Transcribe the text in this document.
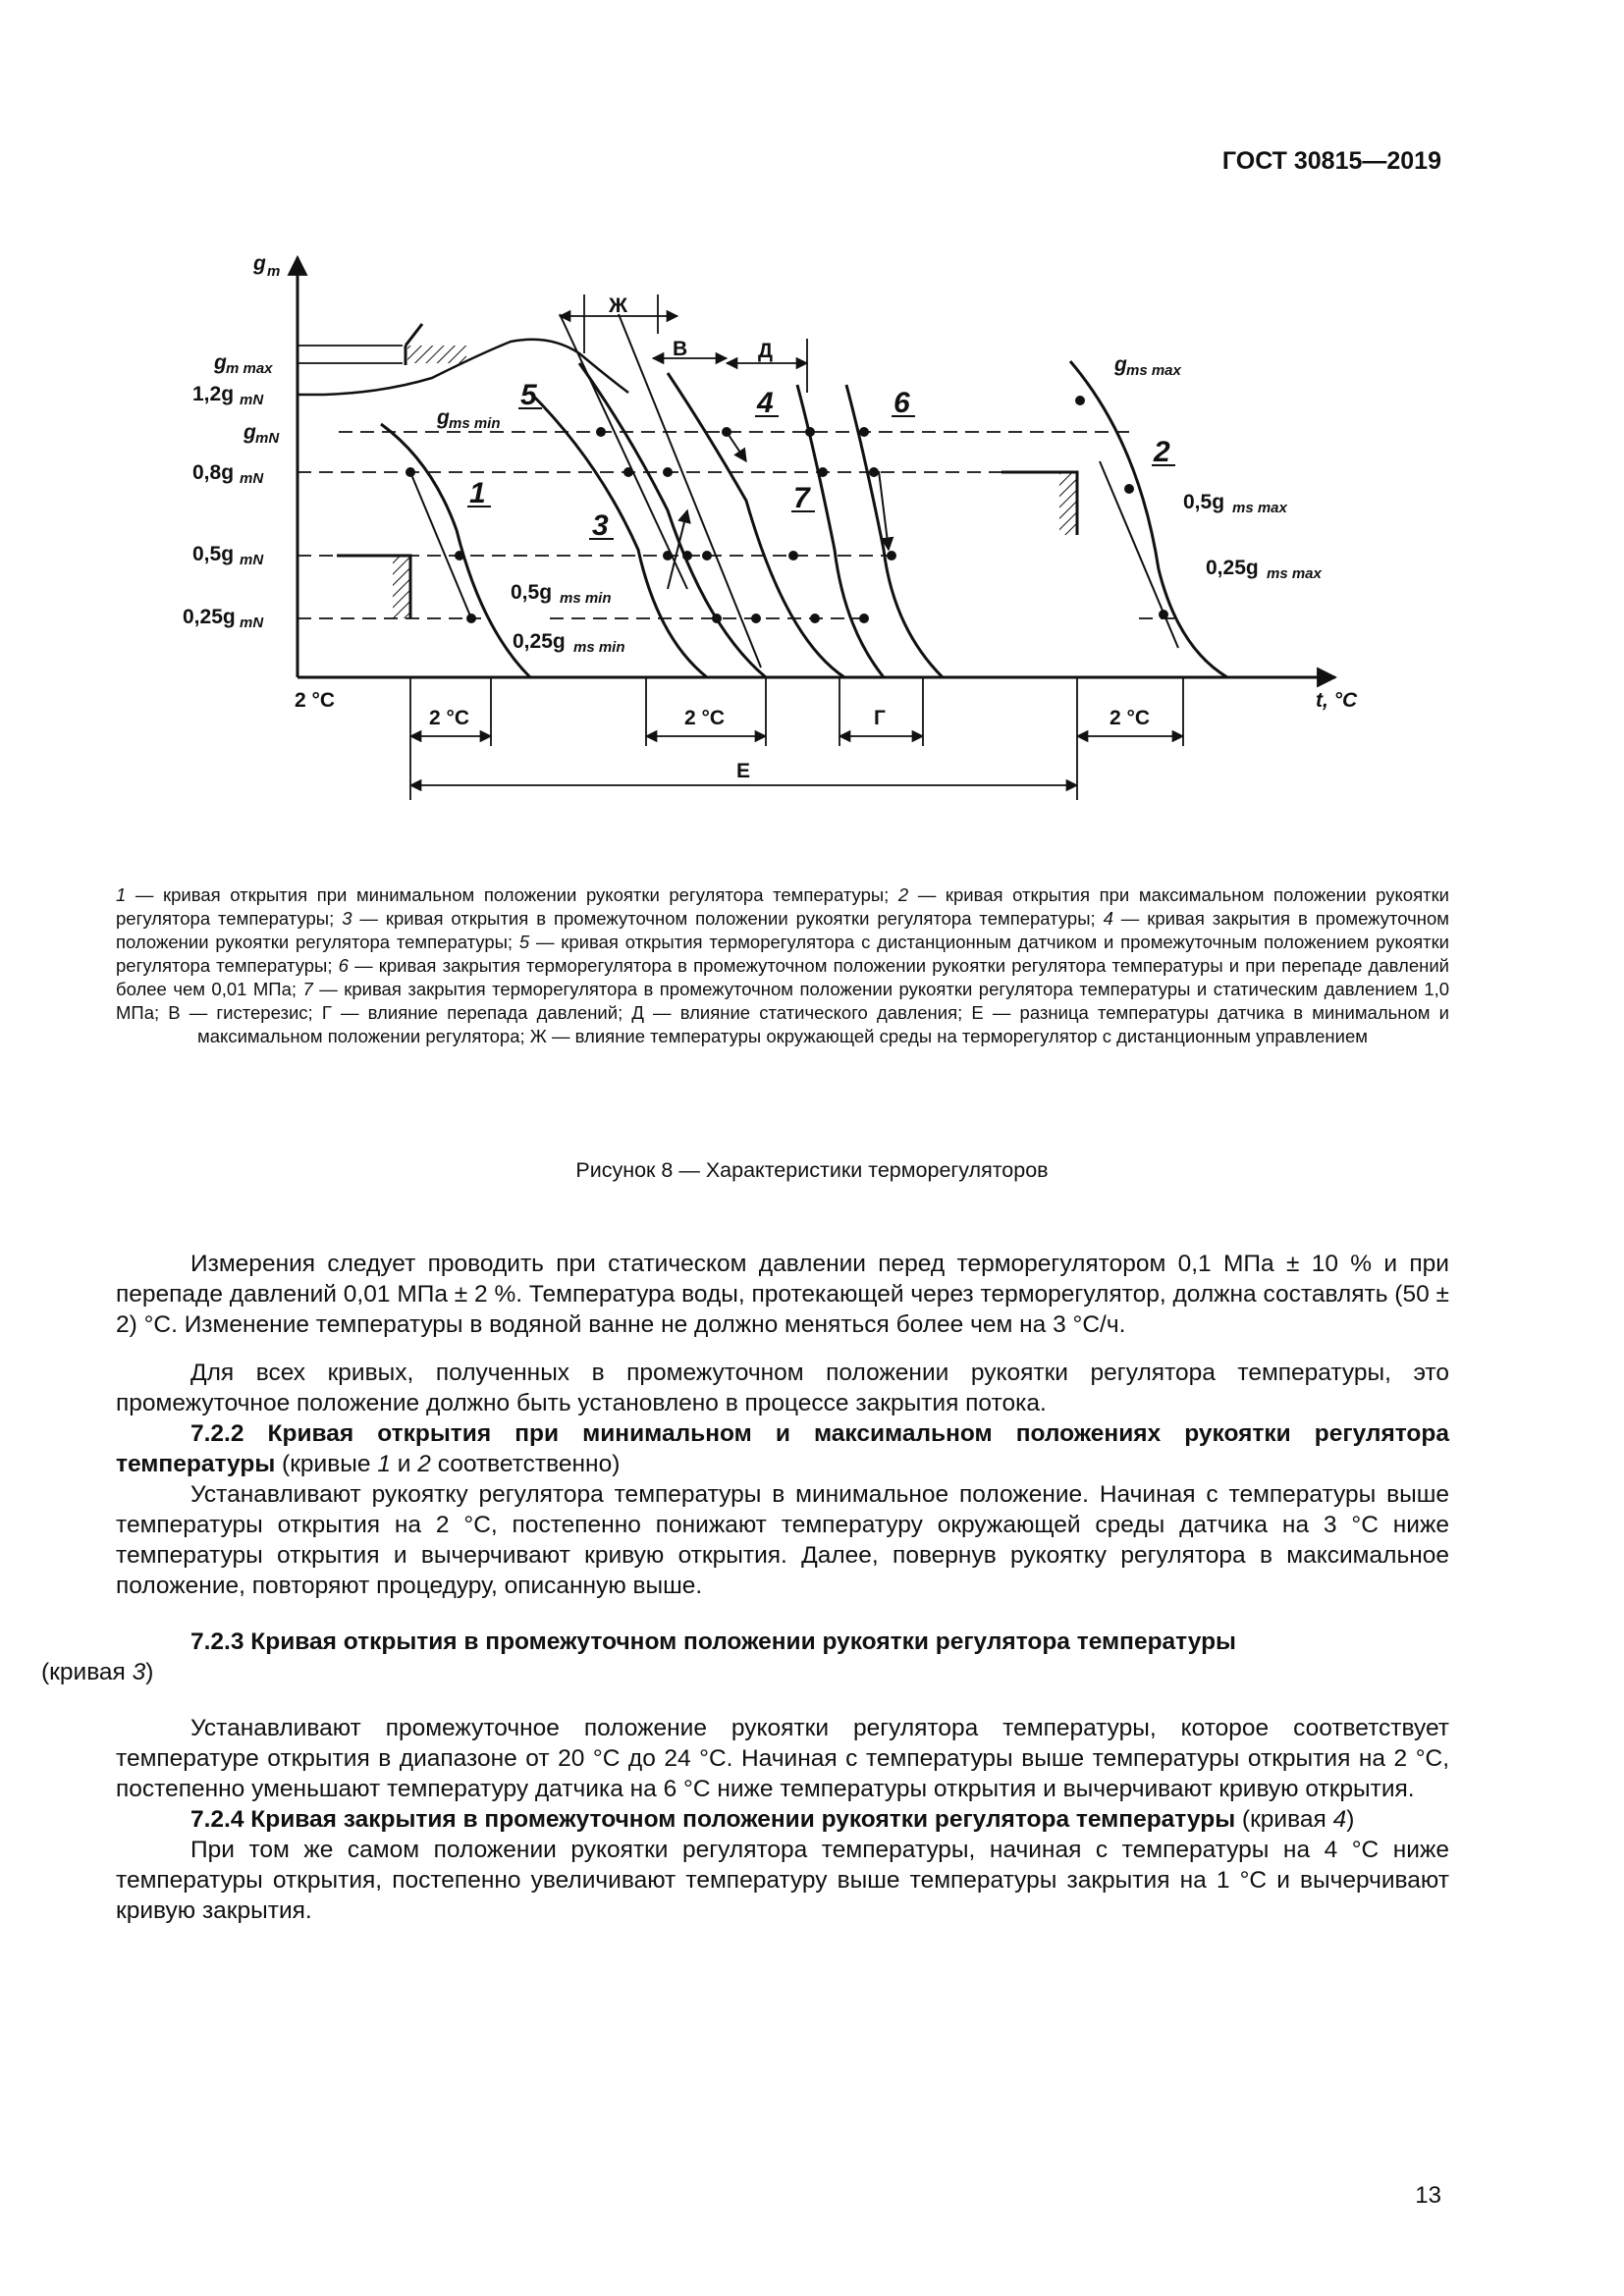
ГОСТ 30815—2019
g m
g m max
1,2g mN
g mN
0,8g mN
0,5g mN
0,25g mN
1
2
3
4
5	6
7
g ms min
g ms max
0,5g ms min
0,25g ms min
0,5g ms max
0,25g ms max
Ж
В	Д
2 °C
2 °C	2 °C	Г	2 °C
Е
t, °C
1 — кривая открытия при минимальном положении рукоятки регулятора температуры; 2 — кривая открытия при максимальном положении рукоятки регулятора температуры; 3 — кривая открытия в промежуточном положении рукоятки регулятора температуры; 4 — кривая закрытия в промежуточном положении рукоятки регулятора температуры; 5 — кривая открытия терморегулятора с дистанционным датчиком и промежуточным положением рукоятки регулятора температуры; 6 — кривая закрытия терморегулятора в промежуточном положении рукоятки регулятора температуры и при перепаде давлений более чем 0,01 МПа; 7 — кривая закрытия терморегулятора в промежуточном положении рукоятки регулятора температуры и статическим давлением 1,0 МПа; В — гистерезис; Г — влияние перепада давлений; Д — влияние статического давления; Е — разница температуры датчика в минимальном и максимальном положении регулятора; Ж — влияние температуры окружающей среды на терморегулятор с дистанционным управлением
Рисунок 8 — Характеристики терморегуляторов

Измерения следует проводить при статическом давлении перед терморегулятором 0,1 МПа ± 10 % и при перепаде давлений 0,01 МПа ± 2 %. Температура воды, протекающей через терморегулятор, должна составлять (50 ± 2) °С. Изменение температуры в водяной ванне не должно меняться более чем на 3 °С/ч.

Для всех кривых, полученных в промежуточном положении рукоятки регулятора температуры, это промежуточное положение должно быть установлено в процессе закрытия потока.

7.2.2 Кривая открытия при минимальном и максимальном положениях рукоятки регулятора температуры (кривые 1 и 2 соответственно)

Устанавливают рукоятку регулятора температуры в минимальное положение. Начиная с температуры выше температуры открытия на 2 °С, постепенно понижают температуру окружающей среды датчика на 3 °С ниже температуры открытия и вычерчивают кривую открытия. Далее, повернув рукоятку регулятора в максимальное положение, повторяют процедуру, описанную выше.

7.2.3 Кривая открытия в промежуточном положении рукоятки регулятора температуры
(кривая 3)

Устанавливают промежуточное положение рукоятки регулятора температуры, которое соответствует температуре открытия в диапазоне от 20 °С до 24 °С. Начиная с температуры выше температуры открытия на 2 °С, постепенно уменьшают температуру датчика на 6 °С ниже температуры открытия и вычерчивают кривую открытия.

7.2.4 Кривая закрытия в промежуточном положении рукоятки регулятора температуры (кривая 4)

При том же самом положении рукоятки регулятора температуры, начиная с температуры на 4 °С ниже температуры открытия, постепенно увеличивают температуру выше температуры закрытия на 1 °С и вычерчивают кривую закрытия.

13
